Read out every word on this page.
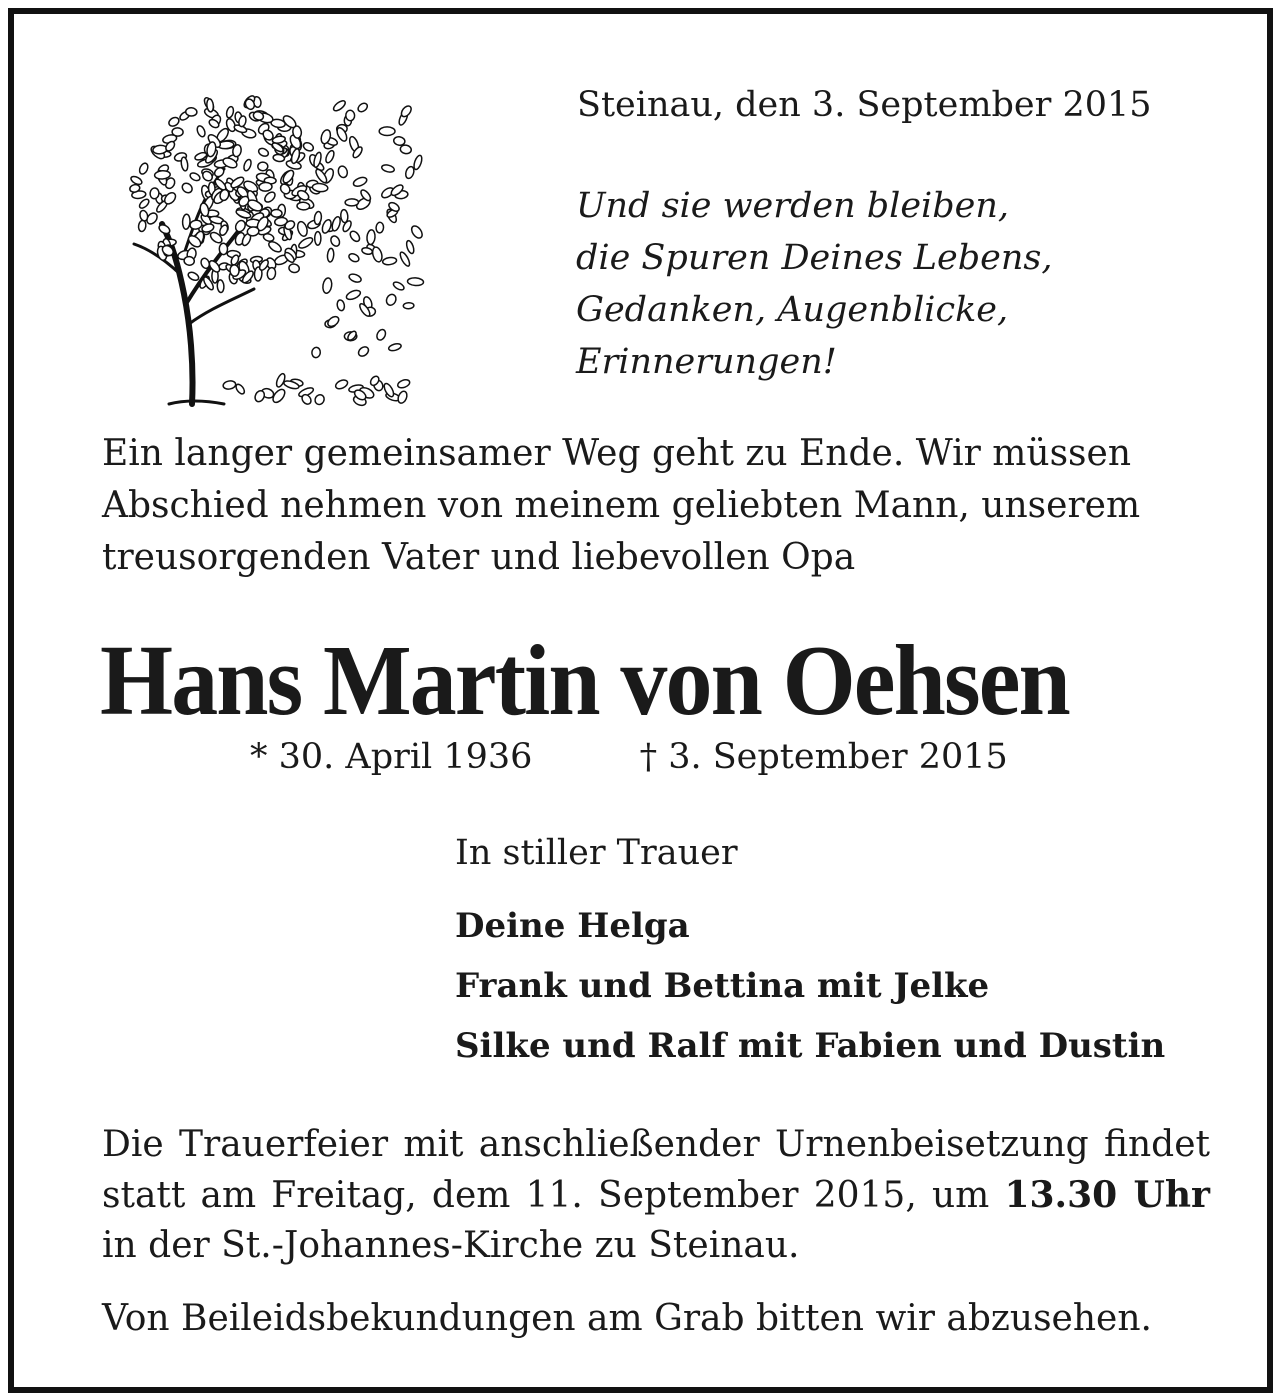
Steinau, den 3. September 2015
Und sie werden bleiben,
die Spuren Deines Lebens,
Gedanken, Augenblicke,
Erinnerungen!
Ein langer gemeinsamer Weg geht zu Ende. Wir müssen
Abschied nehmen von meinem geliebten Mann, unserem
treusorgenden Vater und liebevollen Opa
Hans Martin von Oehsen
* 30. April 1936	† 3. September 2015
In stiller Trauer
Deine Helga
Frank und Bettina mit Jelke
Silke und Ralf mit Fabien und Dustin
Die Trauerfeier mit anschließender Urnenbeisetzung findet statt am Freitag, dem 11. September 2015, um 13.30 Uhr in der St.-Johannes-Kirche zu Steinau.
Von Beileidsbekundungen am Grab bitten wir abzusehen.
